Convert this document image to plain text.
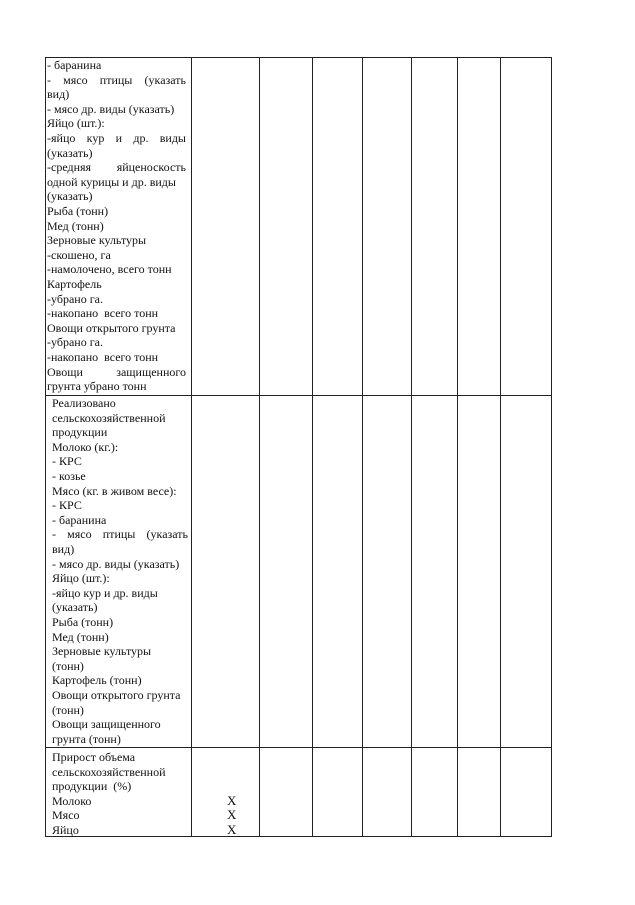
- баранина
- мясо птицы (указать
вид)
- мясо др. виды (указать)
Яйцо (шт.):
-яйцо кур и др. виды
(указать)
-средняя яйценоскость
одной курицы и др. виды
(указать)
Рыба (тонн)
Мед (тонн)
Зерновые культуры
-скошено, га
-намолочено, всего тонн
Картофель
-убрано га.
-накопано  всего тонн
Овощи открытого грунта
-убрано га.
-накопано  всего тонн
Овощи защищенного
грунта убрано тонн
Реализовано
сельскохозяйственной
продукции
Молоко (кг.):
- КРС
- козье
Мясо (кг. в живом весе):
- КРС
- баранина
- мясо птицы (указать
вид)
- мясо др. виды (указать)
Яйцо (шт.):
-яйцо кур и др. виды
(указать)
Рыба (тонн)
Мед (тонн)
Зерновые культуры
(тонн)
Картофель (тонн)
Овощи открытого грунта
(тонн)
Овощи защищенного
грунта (тонн)
Прирост объема
сельскохозяйственной
продукции  (%)
Молоко	X
Мясо	X
Яйцо	X
